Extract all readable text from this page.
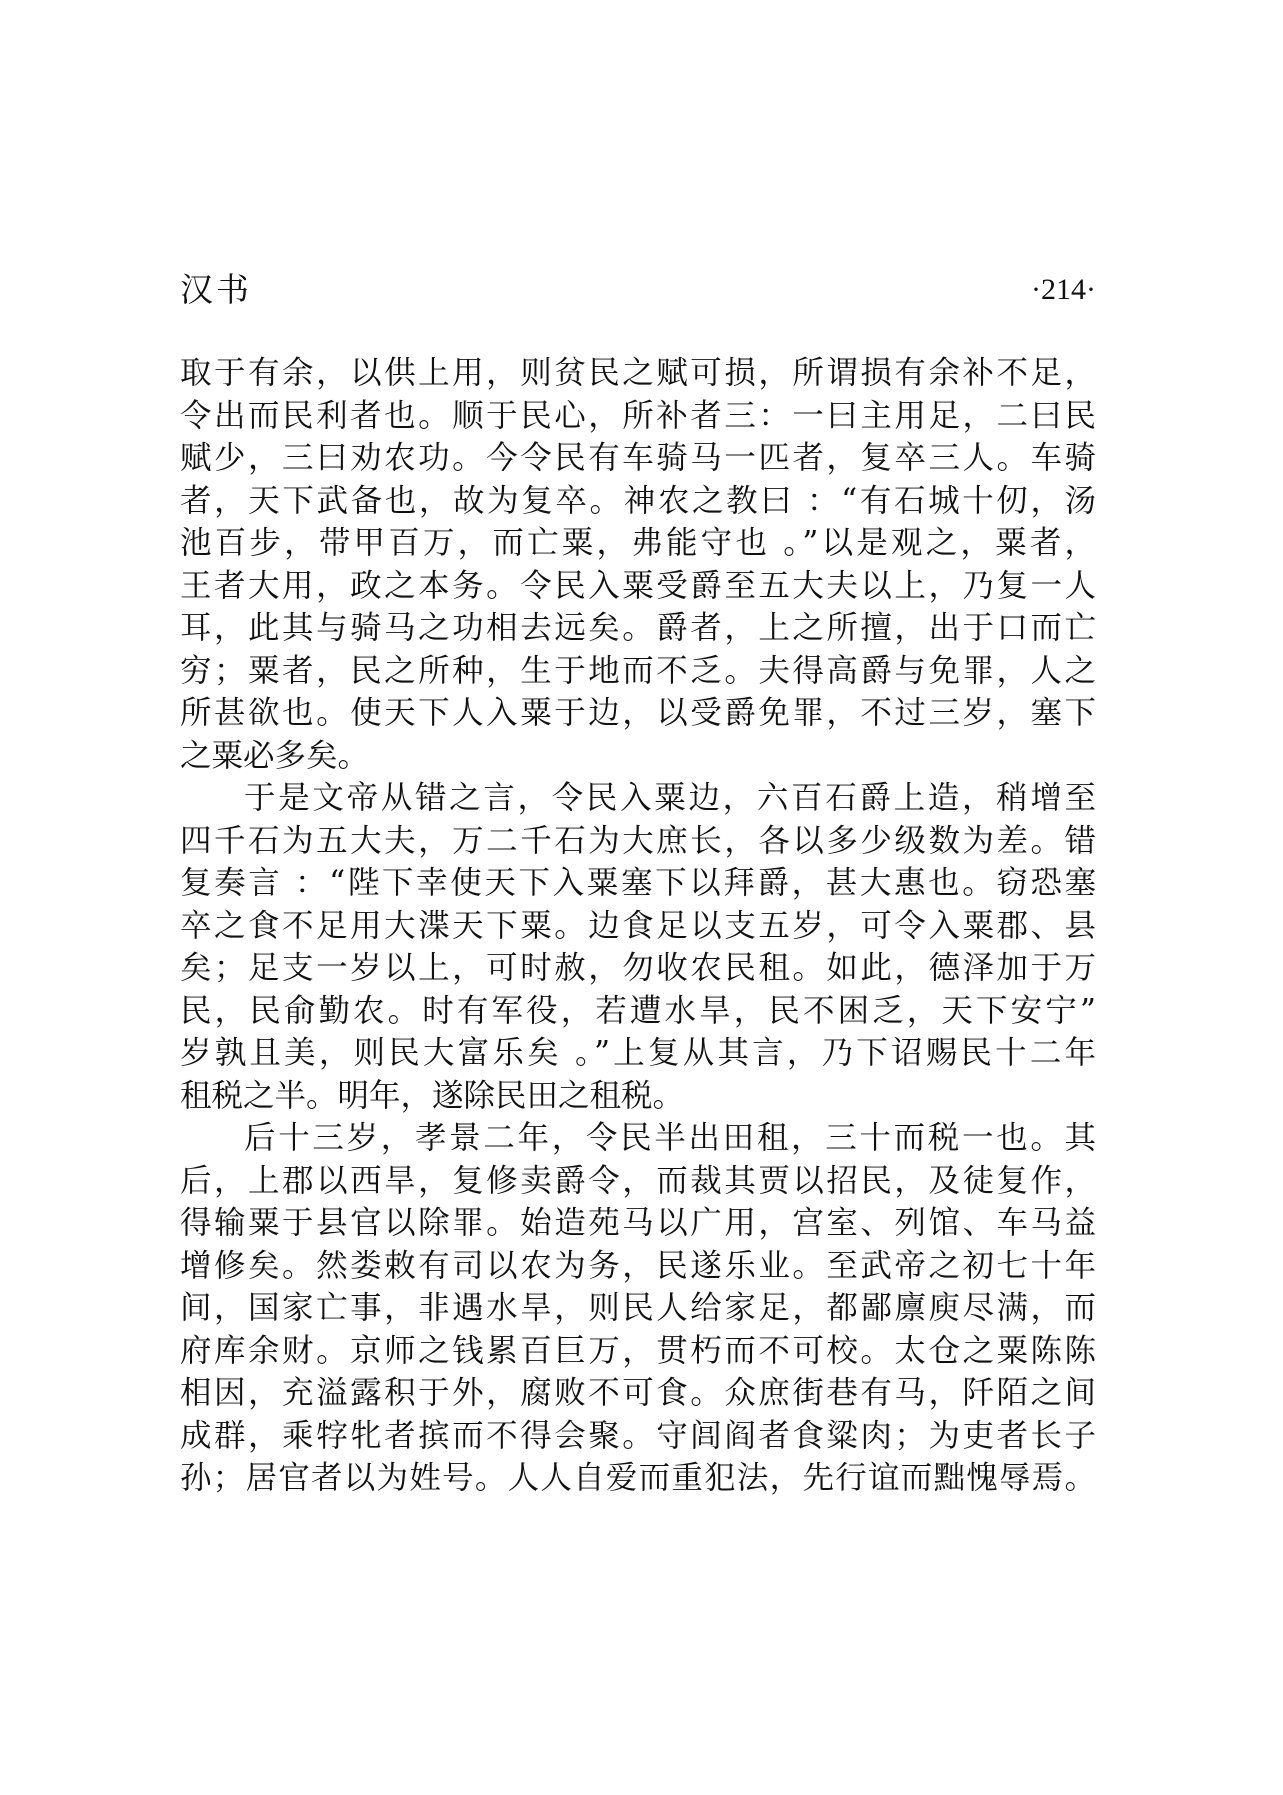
汉书	·214·
取于有余，以供上用，则贫民之赋可损，所谓损有余补不足，
令出而民利者也。顺于民心，所补者三：一曰主用足，二曰民
赋少，三曰劝农功。今令民有车骑马一匹者，复卒三人。车骑
者，天下武备也，故为复卒。神农之教曰 ：“有石城十仞，汤
池百步，带甲百万，而亡粟，弗能守也 。”以是观之，粟者，
王者大用，政之本务。令民入粟受爵至五大夫以上，乃复一人
耳，此其与骑马之功相去远矣。爵者，上之所擅，出于口而亡
穷；粟者，民之所种，生于地而不乏。夫得高爵与免罪，人之
所甚欲也。使天下人入粟于边，以受爵免罪，不过三岁，塞下
之粟必多矣。
于是文帝从错之言，令民入粟边，六百石爵上造，稍增至
四千石为五大夫，万二千石为大庶长，各以多少级数为差。错
复奏言 ：“陛下幸使天下入粟塞下以拜爵，甚大惠也。窃恐塞
卒之食不足用大渫天下粟。边食足以支五岁，可令入粟郡、县
矣；足支一岁以上，可时赦，勿收农民租。如此，德泽加于万
民，民俞勤农。时有军役，若遭水旱，民不困乏，天下安宁”
岁孰且美，则民大富乐矣 。”上复从其言，乃下诏赐民十二年
租税之半。明年，遂除民田之租税。
后十三岁，孝景二年，令民半出田租，三十而税一也。其
后，上郡以西旱，复修卖爵令，而裁其贾以招民，及徒复作，
得输粟于县官以除罪。始造苑马以广用，宫室、列馆、车马益
增修矣。然娄敕有司以农为务，民遂乐业。至武帝之初七十年
间，国家亡事，非遇水旱，则民人给家足，都鄙廪庾尽满，而
府库余财。京师之钱累百巨万，贯朽而不可校。太仓之粟陈陈
相因，充溢露积于外，腐败不可食。众庶街巷有马，阡陌之间
成群，乘牸牝者摈而不得会聚。守闾阎者食粱肉；为吏者长子
孙；居官者以为姓号。人人自爱而重犯法，先行谊而黜愧辱焉。
